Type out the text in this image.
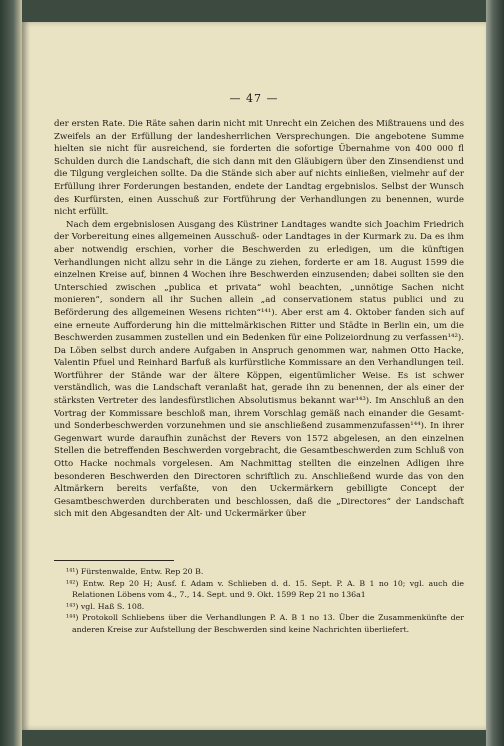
— 47 —

der ersten Rate. Die Räte sahen darin nicht mit Unrecht ein Zeichen des Mißtrauens und des Zweifels an der Erfüllung der landesherrlichen Versprechungen. Die angebotene Summe hielten sie nicht für ausreichend, sie forderten die sofortige Übernahme von 400 000 fl Schulden durch die Landschaft, die sich dann mit den Gläubigern über den Zinsendienst und die Tilgung vergleichen sollte. Da die Stände sich aber auf nichts einließen, vielmehr auf der Erfüllung ihrer Forderungen bestanden, endete der Landtag ergebnislos. Selbst der Wunsch des Kurfürsten, einen Ausschuß zur Fortführung der Verhandlungen zu benennen, wurde nicht erfüllt.

Nach dem ergebnislosen Ausgang des Küstriner Landtages wandte sich Joachim Friedrich der Vorbereitung eines allgemeinen Ausschuß- oder Landtages in der Kurmark zu. Da es ihm aber notwendig erschien, vorher die Beschwerden zu erledigen, um die künftigen Verhandlungen nicht allzu sehr in die Länge zu ziehen, forderte er am 18. August 1599 die einzelnen Kreise auf, binnen 4 Wochen ihre Beschwerden einzusenden; dabei sollten sie den Unterschied zwischen „publica et privata“ wohl beachten, „unnötige Sachen nicht monieren“, sondern all ihr Suchen allein „ad conservationem status publici und zu Beförderung des allgemeinen Wesens richten“¹⁴¹). Aber erst am 4. Oktober fanden sich auf eine erneute Aufforderung hin die mittelmärkischen Ritter und Städte in Berlin ein, um die Beschwerden zusammen zustellen und ein Bedenken für eine Polizeiordnung zu verfassen¹⁴²). Da Löben selbst durch andere Aufgaben in Anspruch genommen war, nahmen Otto Hacke, Valentin Pfuel und Reinhard Barfuß als kurfürstliche Kommissare an den Verhandlungen teil. Wortführer der Stände war der ältere Köppen, eigentümlicher Weise. Es ist schwer verständlich, was die Landschaft veranlaßt hat, gerade ihn zu benennen, der als einer der stärksten Vertreter des landesfürstlichen Absolutismus bekannt war¹⁴³). Im Anschluß an den Vortrag der Kommissare beschloß man, ihrem Vorschlag gemäß nach einander die Gesamt- und Sonderbeschwerden vorzunehmen und sie anschließend zusammenzufassen¹⁴⁴). In ihrer Gegenwart wurde daraufhin zunächst der Revers von 1572 abgelesen, an den einzelnen Stellen die betreffenden Beschwerden vorgebracht, die Gesamtbeschwerden zum Schluß von Otto Hacke nochmals vorgelesen. Am Nachmittag stellten die einzelnen Adligen ihre besonderen Beschwerden den Directoren schriftlich zu. Anschließend wurde das von den Altmärkern bereits verfaßte, von den Uckermärkern gebilligte Concept der Gesamtbeschwerden durchberaten und beschlossen, daß die „Directores“ der Landschaft sich mit den Abgesandten der Alt- und Uckermärker über

¹⁴¹) Fürstenwalde, Entw. Rep 20 B.

¹⁴²) Entw. Rep 20 H; Ausf. f. Adam v. Schlieben d. d. 15. Sept. P. A. B 1 no 10; vgl. auch die Relationen Löbens vom 4., 7., 14. Sept. und 9. Okt. 1599 Rep 21 no 136a1

¹⁴³) vgl. Haß S. 108.

¹⁴⁴) Protokoll Schliebens über die Verhandlungen P. A. B 1 no 13. Über die Zusammenkünfte der anderen Kreise zur Aufstellung der Beschwerden sind keine Nachrichten überliefert.
